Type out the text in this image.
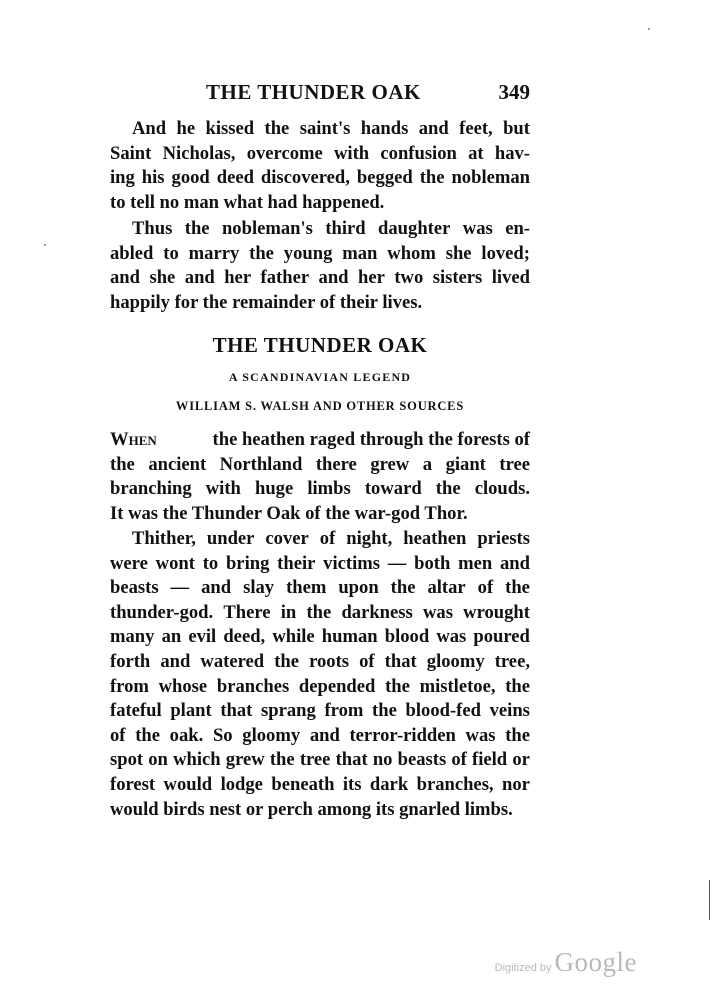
THE THUNDER OAK	349
And he kissed the saint's hands and feet, but
Saint Nicholas, overcome with confusion at hav-
ing his good deed discovered, begged the nobleman
to tell no man what had happened.
Thus the nobleman's third daughter was en-
abled to marry the young man whom she loved;
and she and her father and her two sisters lived
happily for the remainder of their lives.
THE THUNDER OAK
A SCANDINAVIAN LEGEND
WILLIAM S. WALSH AND OTHER SOURCES
When	the heathen raged through the forests of
the ancient Northland there grew a giant tree
branching with huge limbs toward the clouds.
It was the Thunder Oak of the war-god Thor.
Thither, under cover of night, heathen priests
were wont to bring their victims — both men and
beasts — and slay them upon the altar of the
thunder-god. There in the darkness was wrought
many an evil deed, while human blood was poured
forth and watered the roots of that gloomy tree,
from whose branches depended the mistletoe, the
fateful plant that sprang from the blood-fed veins
of the oak. So gloomy and terror-ridden was the
spot on which grew the tree that no beasts of field or
forest would lodge beneath its dark branches, nor
would birds nest or perch among its gnarled limbs.
Digitized by Google
